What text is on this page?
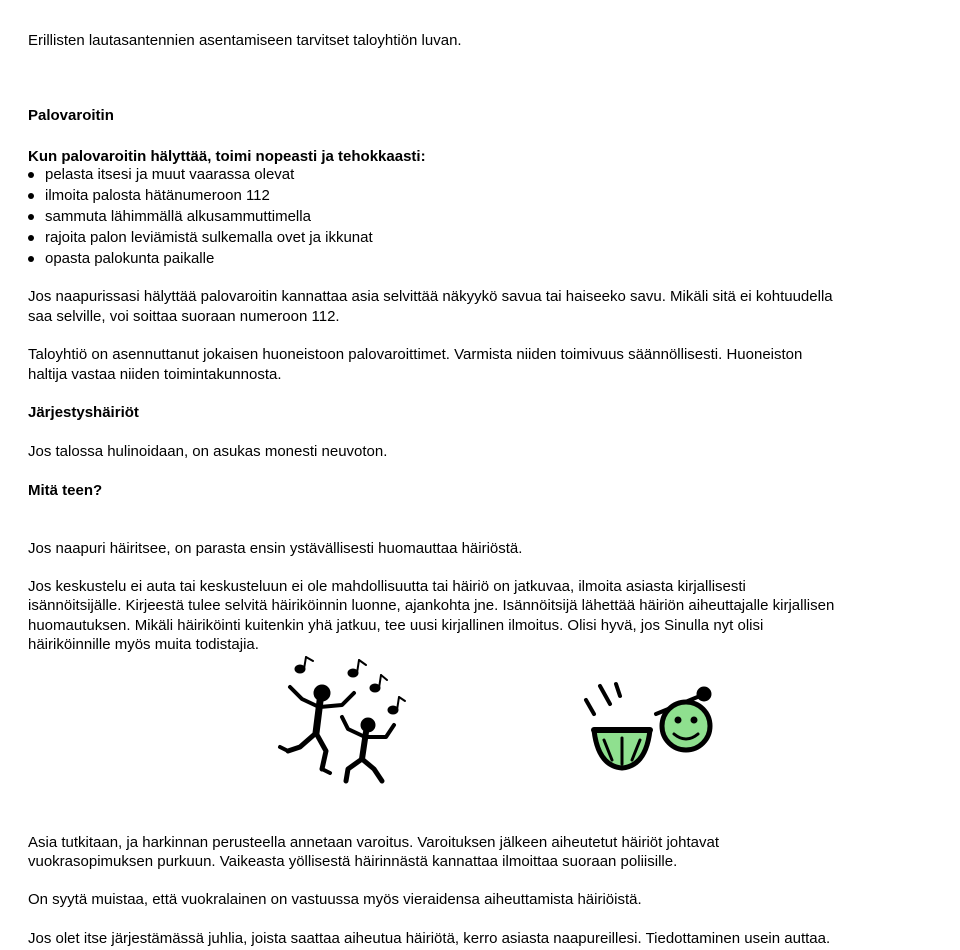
Erillisten lautasantennien asentamiseen tarvitset taloyhtiön luvan.
Palovaroitin
Kun palovaroitin hälyttää, toimi nopeasti ja tehokkaasti:
pelasta itsesi ja muut vaarassa olevat
ilmoita palosta hätänumeroon 112
sammuta lähimmällä alkusammuttimella
rajoita palon leviämistä sulkemalla ovet ja ikkunat
opasta palokunta paikalle
Jos naapurissasi hälyttää palovaroitin kannattaa asia selvittää näkyykö savua tai haiseeko savu. Mikäli sitä ei kohtuudella
saa selville, voi soittaa suoraan numeroon 112.
Taloyhtiö on asennuttanut jokaisen huoneistoon palovaroittimet. Varmista niiden toimivuus säännöllisesti. Huoneiston
haltija vastaa niiden toimintakunnosta.
Järjestyshäiriöt
Jos talossa hulinoidaan, on asukas monesti neuvoton.
Mitä teen?
Jos naapuri häiritsee, on parasta ensin ystävällisesti huomauttaa häiriöstä.
Jos keskustelu ei auta tai keskusteluun ei ole mahdollisuutta tai häiriö on jatkuvaa, ilmoita asiasta kirjallisesti
isännöitsijälle. Kirjeestä tulee selvitä häiriköinnin luonne, ajankohta jne. Isännöitsijä lähettää häiriön aiheuttajalle kirjallisen
huomautuksen. Mikäli häiriköinti kuitenkin yhä jatkuu, tee uusi kirjallinen ilmoitus. Olisi hyvä, jos Sinulla nyt olisi
häiriköinnille myös muita todistajia.
Asia tutkitaan, ja harkinnan perusteella annetaan varoitus. Varoituksen jälkeen aiheutetut häiriöt johtavat
vuokrasopimuksen purkuun. Vaikeasta yöllisestä häirinnästä kannattaa ilmoittaa suoraan poliisille.
On syytä muistaa, että vuokralainen on vastuussa myös vieraidensa aiheuttamista häiriöistä.
Jos olet itse järjestämässä juhlia, joista saattaa aiheutua häiriötä, kerro asiasta naapureillesi. Tiedottaminen usein auttaa.
